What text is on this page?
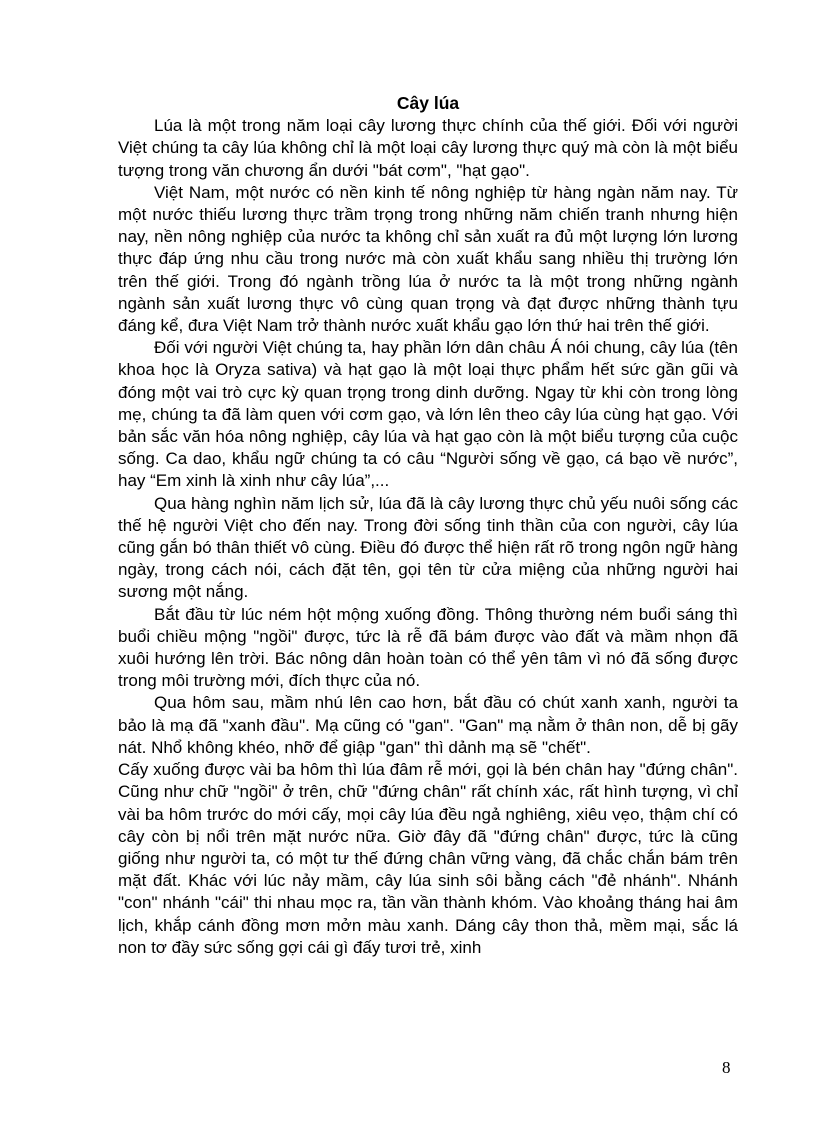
Cây lúa

Lúa là một trong năm loại cây lương thực chính của thế giới. Đối với người Việt chúng ta cây lúa không chỉ là một loại cây lương thực quý mà còn là một biểu tượng trong văn chương ẩn dưới "bát cơm", "hạt gạo".

Việt Nam, một nước có nền kinh tế nông nghiệp từ hàng ngàn năm nay. Từ một nước thiếu lương thực trầm trọng trong những năm chiến tranh nhưng hiện nay, nền nông nghiệp của nước ta không chỉ sản xuất ra đủ một lượng lớn lương thực đáp ứng nhu cầu trong nước mà còn xuất khẩu sang nhiều thị trường lớn trên thế giới. Trong đó ngành trồng lúa ở nước ta là một trong những ngành ngành sản xuất lương thực vô cùng quan trọng và đạt được những thành tựu đáng kể, đưa Việt Nam trở thành nước xuất khẩu gạo lớn thứ hai trên thế giới.

Đối với người Việt chúng ta, hay phần lớn dân châu Á nói chung, cây lúa (tên khoa học là Oryza sativa) và hạt gạo là một loại thực phẩm hết sức gần gũi và đóng một vai trò cực kỳ quan trọng trong dinh dưỡng. Ngay từ khi còn trong lòng mẹ, chúng ta đã làm quen với cơm gạo, và lớn lên theo cây lúa cùng hạt gạo. Với bản sắc văn hóa nông nghiệp, cây lúa và hạt gạo còn là một biểu tượng của cuộc sống. Ca dao, khẩu ngữ chúng ta có câu “Người sống về gạo, cá bạo về nước”, hay “Em xinh là xinh như cây lúa”,...

Qua hàng nghìn năm lịch sử, lúa đã là cây lương thực chủ yếu nuôi sống các thế hệ người Việt cho đến nay. Trong đời sống tinh thần của con người, cây lúa cũng gắn bó thân thiết vô cùng. Điều đó được thể hiện rất rõ trong ngôn ngữ hàng ngày, trong cách nói, cách đặt tên, gọi tên từ cửa miệng của những người hai sương một nắng.

Bắt đầu từ lúc ném hột mộng xuống đồng. Thông thường ném buổi sáng thì buổi chiều mộng "ngồi" được, tức là rễ đã bám được vào đất và mầm nhọn đã xuôi hướng lên trời. Bác nông dân hoàn toàn có thể yên tâm vì nó đã sống được trong môi trường mới, đích thực của nó.

Qua hôm sau, mầm nhú lên cao hơn, bắt đầu có chút xanh xanh, người ta bảo là mạ đã "xanh đầu". Mạ cũng có "gan". "Gan" mạ nằm ở thân non, dễ bị gãy nát. Nhổ không khéo, nhỡ để giập "gan" thì dảnh mạ sẽ "chết".

Cấy xuống được vài ba hôm thì lúa đâm rễ mới, gọi là bén chân hay "đứng chân". Cũng như chữ "ngồi" ở trên, chữ "đứng chân" rất chính xác, rất hình tượng, vì chỉ vài ba hôm trước do mới cấy, mọi cây lúa đều ngả nghiêng, xiêu vẹo, thậm chí có cây còn bị nổi trên mặt nước nữa. Giờ đây đã "đứng chân" được, tức là cũng giống như người ta, có một tư thế đứng chân vững vàng, đã chắc chắn bám trên mặt đất. Khác với lúc nảy mầm, cây lúa sinh sôi bằng cách "đẻ nhánh". Nhánh "con" nhánh "cái" thi nhau mọc ra, tần vần thành khóm. Vào khoảng tháng hai âm lịch, khắp cánh đồng mơn mởn màu xanh. Dáng cây thon thả, mềm mại, sắc lá non tơ đầy sức sống gợi cái gì đấy tươi trẻ, xinh

8
